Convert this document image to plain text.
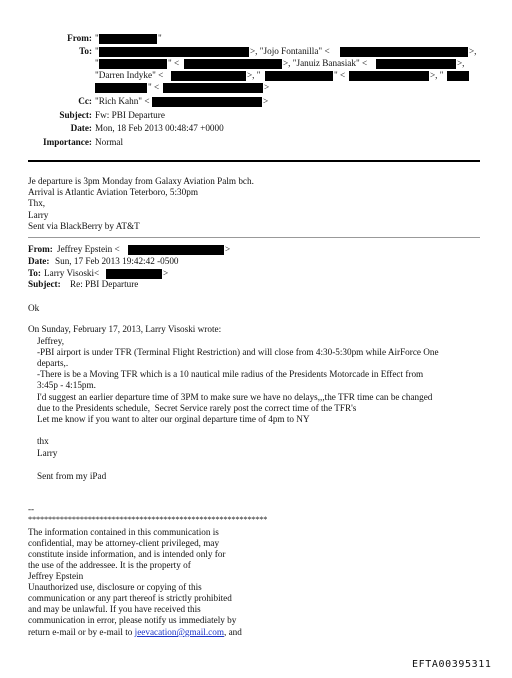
From: "	"
To: "	>, "Jojo Fontanilla" <	>,
"	" <	>, "Januiz Banasiak" <	>,
"Darren Indyke" <	>, "	" <	>, "
" <	>
Cc: "Rich Kahn" <	>
Subject: Fw: PBI Departure
Date: Mon, 18 Feb 2013 00:48:47 +0000
Importance: Normal
Je departure is 3pm Monday from Galaxy Aviation Palm bch.
Arrival is Atlantic Aviation Teterboro, 5:30pm
Thx,
Larry
Sent via BlackBerry by AT&T
From: Jeffrey Epstein <	>
Date: Sun, 17 Feb 2013 19:42:42 -0500
To: Larry Visoski<	>
Subject: Re: PBI Departure
Ok
On Sunday, February 17, 2013, Larry Visoski wrote:
Jeffrey,
-PBI airport is under TFR (Terminal Flight Restriction) and will close from 4:30-5:30pm while AirForce One
departs,.
-There is be a Moving TFR which is a 10 nautical mile radius of the Presidents Motorcade in Effect from
3:45p - 4:15pm.
I'd suggest an earlier departure time of 3PM to make sure we have no delays,,,the TFR time can be changed
due to the Presidents schedule,  Secret Service rarely post the correct time of the TFR's
Let me know if you want to alter our orginal departure time of 4pm to NY
thx
Larry
Sent from my iPad
--
************************************************************
The information contained in this communication is
confidential, may be attorney-client privileged, may
constitute inside information, and is intended only for
the use of the addressee. It is the property of
Jeffrey Epstein
Unauthorized use, disclosure or copying of this
communication or any part thereof is strictly prohibited
and may be unlawful. If you have received this
communication in error, please notify us immediately by
return e-mail or by e-mail to jeevacation@gmail.com, and
EFTA00395311
